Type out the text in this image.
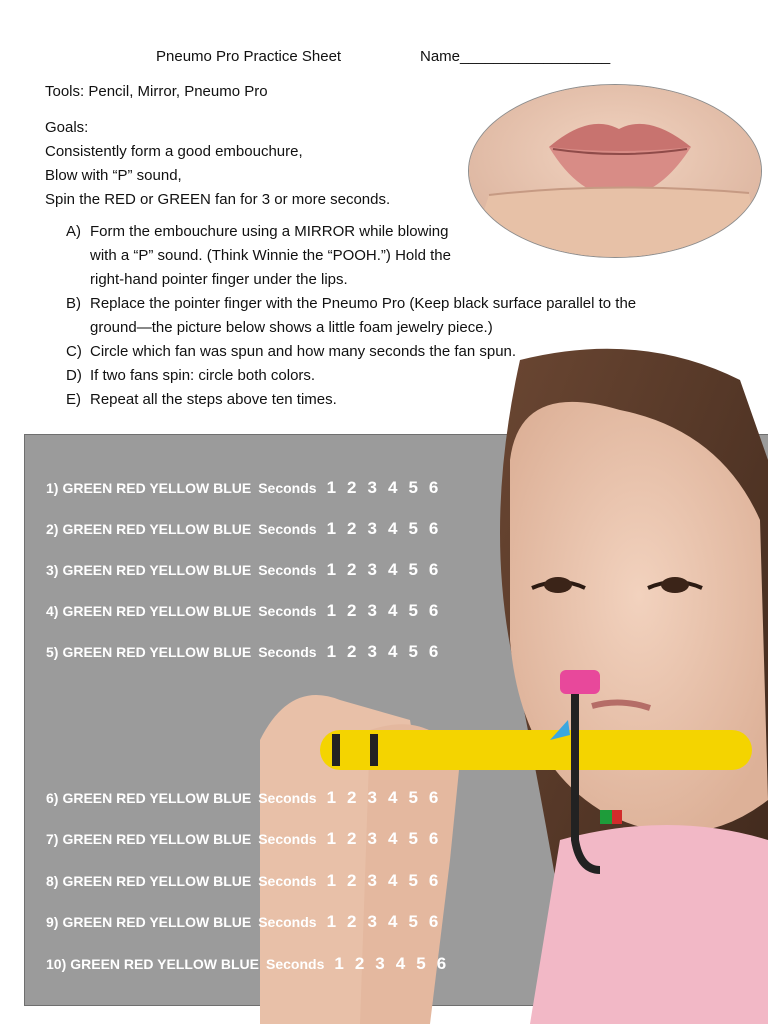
Pneumo Pro Practice Sheet	Name__________________
Tools: Pencil, Mirror, Pneumo Pro
Goals:
Consistently form a good embouchure,
Blow with “P” sound,
Spin the RED or GREEN fan for 3 or more seconds.
A) Form the embouchure using a MIRROR while blowing
with a “P” sound. (Think Winnie the “POOH.”) Hold the
right-hand pointer finger under the lips.
B) Replace the pointer finger with the Pneumo Pro (Keep black surface parallel to the
ground—the picture below shows a little foam jewelry piece.)
C) Circle which fan was spun and how many seconds the fan spun.
D) If two fans spin: circle both colors.
E) Repeat all the steps above ten times.
1) GREEN RED YELLOW BLUE Seconds 1 2 3 4 5 6
2) GREEN RED YELLOW BLUE Seconds 1 2 3 4 5 6
3) GREEN RED YELLOW BLUE Seconds 1 2 3 4 5 6
4) GREEN RED YELLOW BLUE Seconds 1 2 3 4 5 6
5) GREEN RED YELLOW BLUE Seconds 1 2 3 4 5 6
6) GREEN RED YELLOW BLUE Seconds 1 2 3 4 5 6
7) GREEN RED YELLOW BLUE Seconds 1 2 3 4 5 6
8) GREEN RED YELLOW BLUE Seconds 1 2 3 4 5 6
9) GREEN RED YELLOW BLUE Seconds 1 2 3 4 5 6
10) GREEN RED YELLOW BLUE Seconds 1 2 3 4 5 6
